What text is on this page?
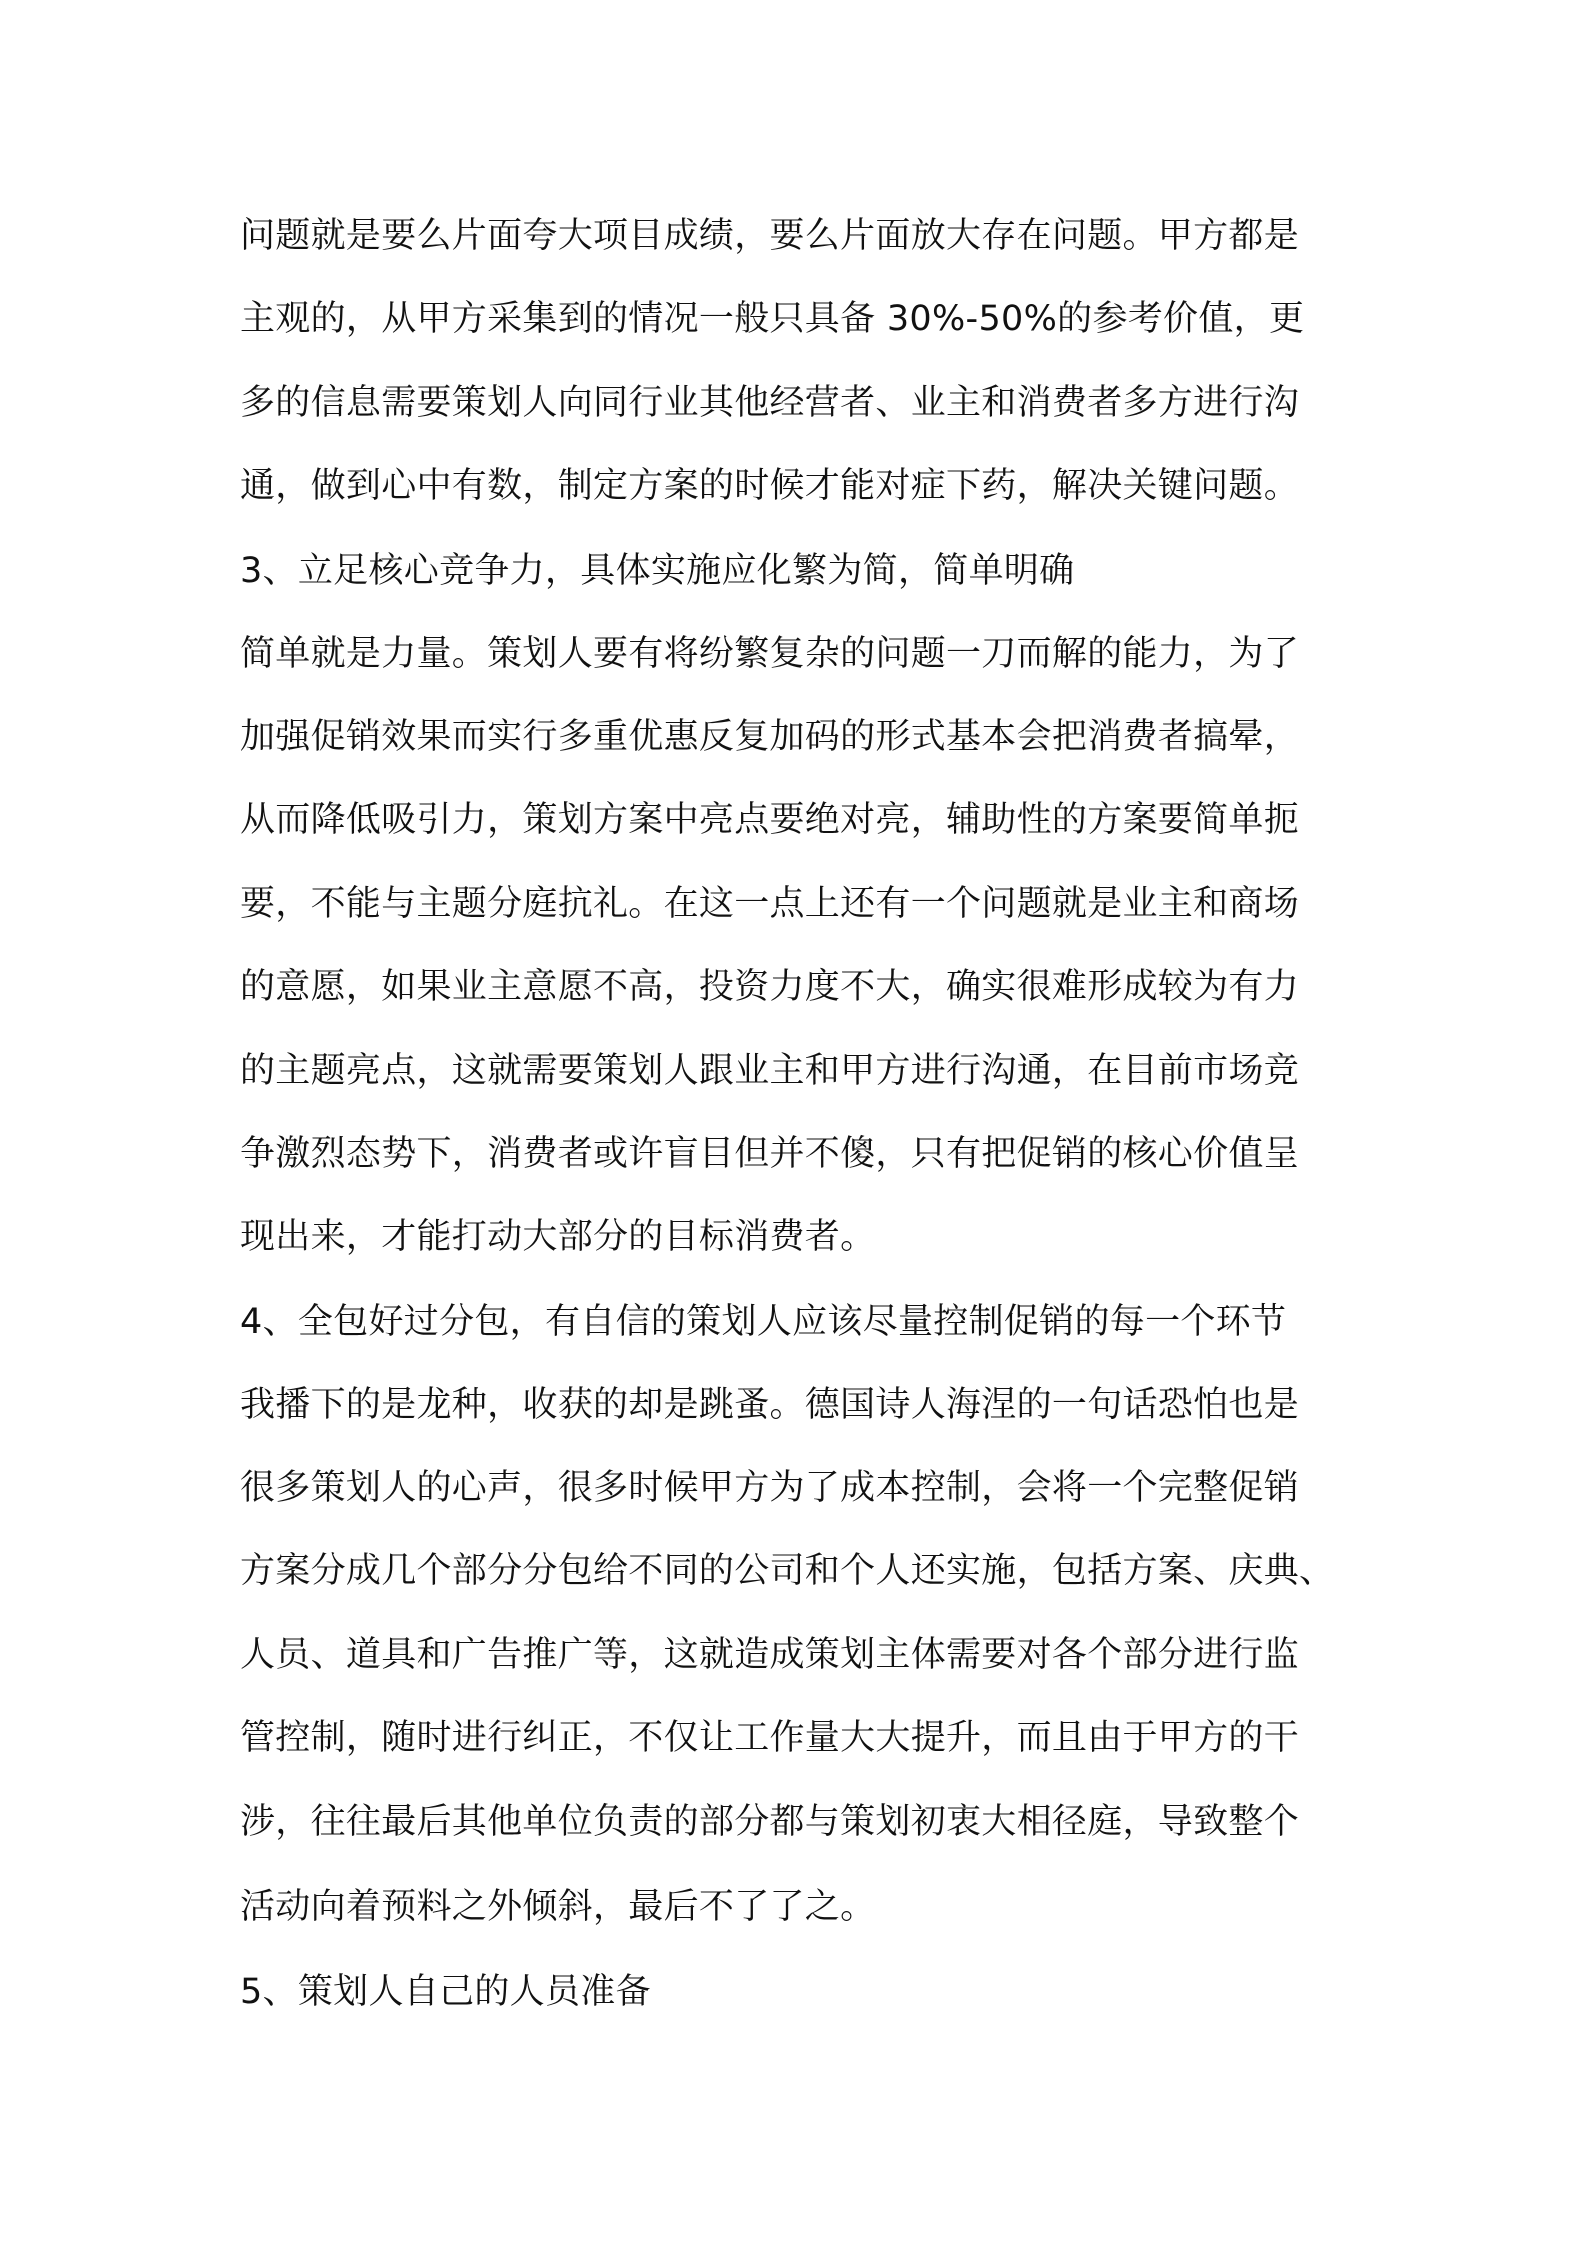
问题就是要么片面夸大项目成绩，要么片面放大存在问题。甲方都是
主观的，从甲方采集到的情况一般只具备 30%-50%的参考价值，更
多的信息需要策划人向同行业其他经营者、业主和消费者多方进行沟
通，做到心中有数，制定方案的时候才能对症下药，解决关键问题。
3、立足核心竞争力，具体实施应化繁为简，简单明确
简单就是力量。策划人要有将纷繁复杂的问题一刀而解的能力，为了
加强促销效果而实行多重优惠反复加码的形式基本会把消费者搞晕，
从而降低吸引力，策划方案中亮点要绝对亮，辅助性的方案要简单扼
要，不能与主题分庭抗礼。在这一点上还有一个问题就是业主和商场
的意愿，如果业主意愿不高，投资力度不大，确实很难形成较为有力
的主题亮点，这就需要策划人跟业主和甲方进行沟通，在目前市场竞
争激烈态势下，消费者或许盲目但并不傻，只有把促销的核心价值呈
现出来，才能打动大部分的目标消费者。
4、全包好过分包，有自信的策划人应该尽量控制促销的每一个环节
我播下的是龙种，收获的却是跳蚤。德国诗人海涅的一句话恐怕也是
很多策划人的心声，很多时候甲方为了成本控制，会将一个完整促销
方案分成几个部分分包给不同的公司和个人还实施，包括方案、庆典、
人员、道具和广告推广等，这就造成策划主体需要对各个部分进行监
管控制，随时进行纠正，不仅让工作量大大提升，而且由于甲方的干
涉，往往最后其他单位负责的部分都与策划初衷大相径庭，导致整个
活动向着预料之外倾斜，最后不了了之。
5、策划人自己的人员准备
